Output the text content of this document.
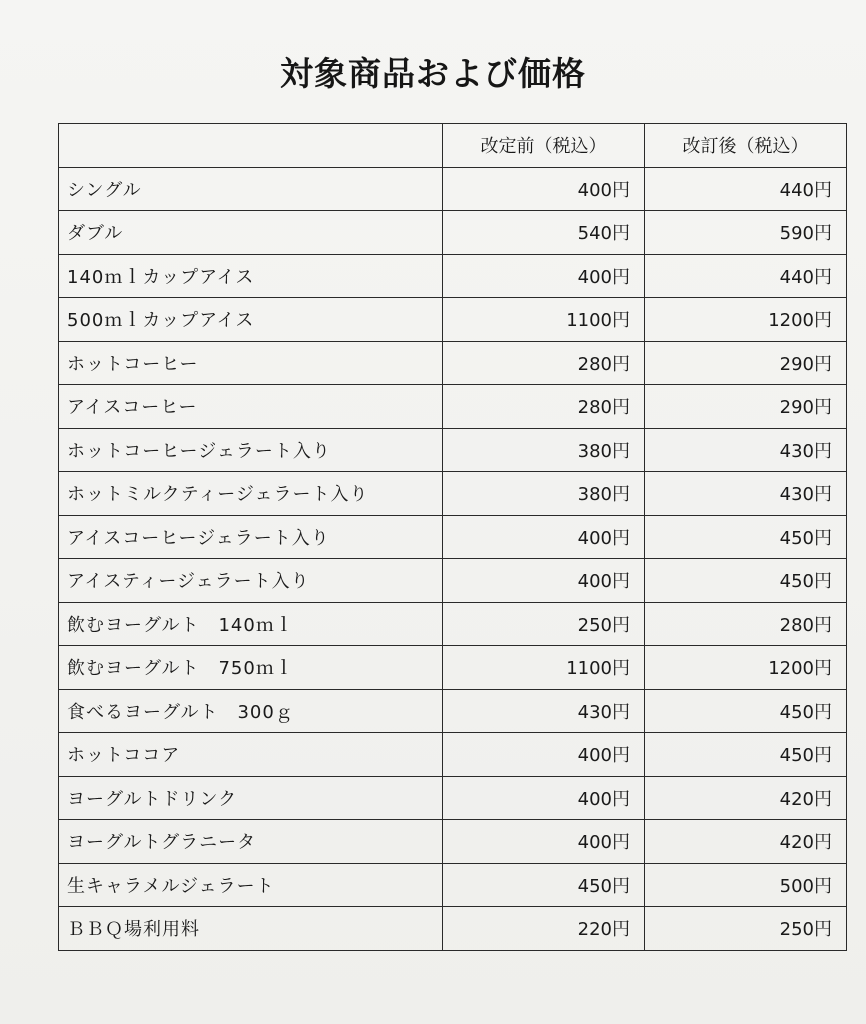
対象商品および価格
	改定前（税込）	改訂後（税込）
シングル	400円	440円
ダブル	540円	590円
140ｍｌカップアイス	400円	440円
500ｍｌカップアイス	1100円	1200円
ホットコーヒー	280円	290円
アイスコーヒー	280円	290円
ホットコーヒージェラート入り	380円	430円
ホットミルクティージェラート入り	380円	430円
アイスコーヒージェラート入り	400円	450円
アイスティージェラート入り	400円	450円
飲むヨーグルト　140ｍｌ	250円	280円
飲むヨーグルト　750ｍｌ	1100円	1200円
食べるヨーグルト　300ｇ	430円	450円
ホットココア	400円	450円
ヨーグルトドリンク	400円	420円
ヨーグルトグラニータ	400円	420円
生キャラメルジェラート	450円	500円
ＢＢＱ場利用料	220円	250円
